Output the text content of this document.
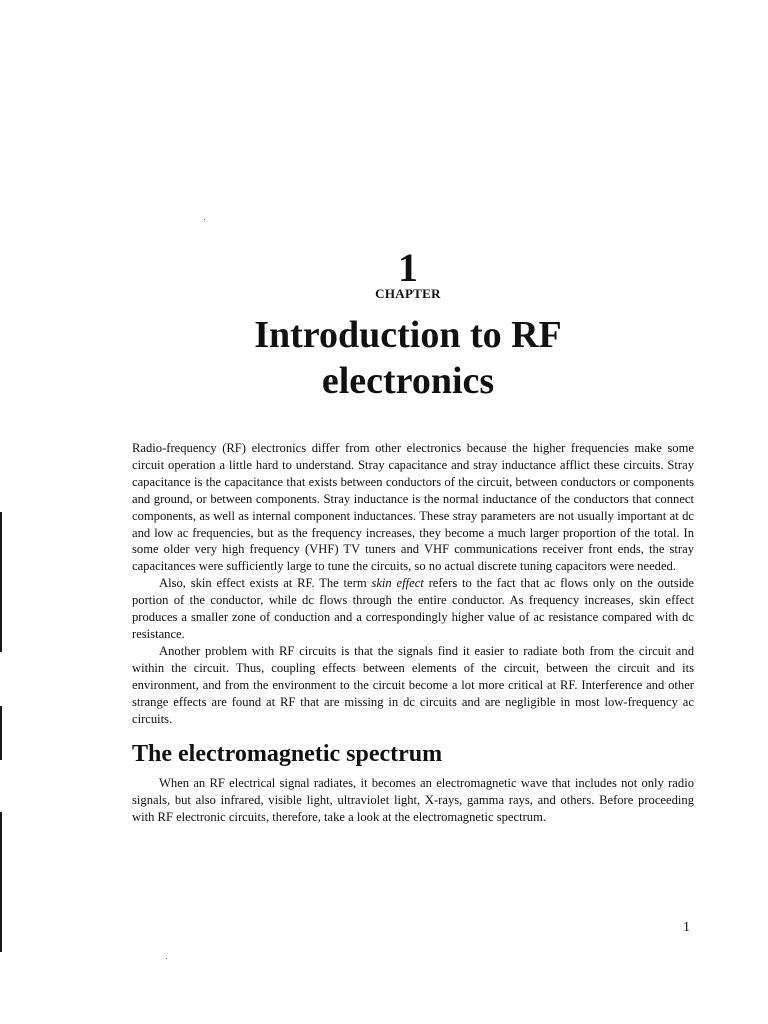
1
CHAPTER
Introduction to RF
electronics

Radio-frequency (RF) electronics differ from other electronics because the higher frequencies make some circuit operation a little hard to understand. Stray capacitance and stray inductance afflict these circuits. Stray capacitance is the capacitance that exists between conductors of the circuit, between conductors or components and ground, or between components. Stray inductance is the normal inductance of the conductors that connect components, as well as internal component inductances. These stray parameters are not usually important at dc and low ac frequencies, but as the frequency increases, they become a much larger proportion of the total. In some older very high frequency (VHF) TV tuners and VHF communications receiver front ends, the stray capacitances were sufficiently large to tune the circuits, so no actual discrete tuning capacitors were needed.

Also, skin effect exists at RF. The term skin effect refers to the fact that ac flows only on the outside portion of the conductor, while dc flows through the entire conductor. As frequency increases, skin effect produces a smaller zone of conduction and a correspondingly higher value of ac resistance compared with dc resistance.

Another problem with RF circuits is that the signals find it easier to radiate both from the circuit and within the circuit. Thus, coupling effects between elements of the circuit, between the circuit and its environment, and from the environment to the circuit become a lot more critical at RF. Interference and other strange effects are found at RF that are missing in dc circuits and are negligible in most low-frequency ac circuits.

The electromagnetic spectrum

When an RF electrical signal radiates, it becomes an electromagnetic wave that includes not only radio signals, but also infrared, visible light, ultraviolet light, X-rays, gamma rays, and others. Before proceeding with RF electronic circuits, therefore, take a look at the electromagnetic spectrum.

1
